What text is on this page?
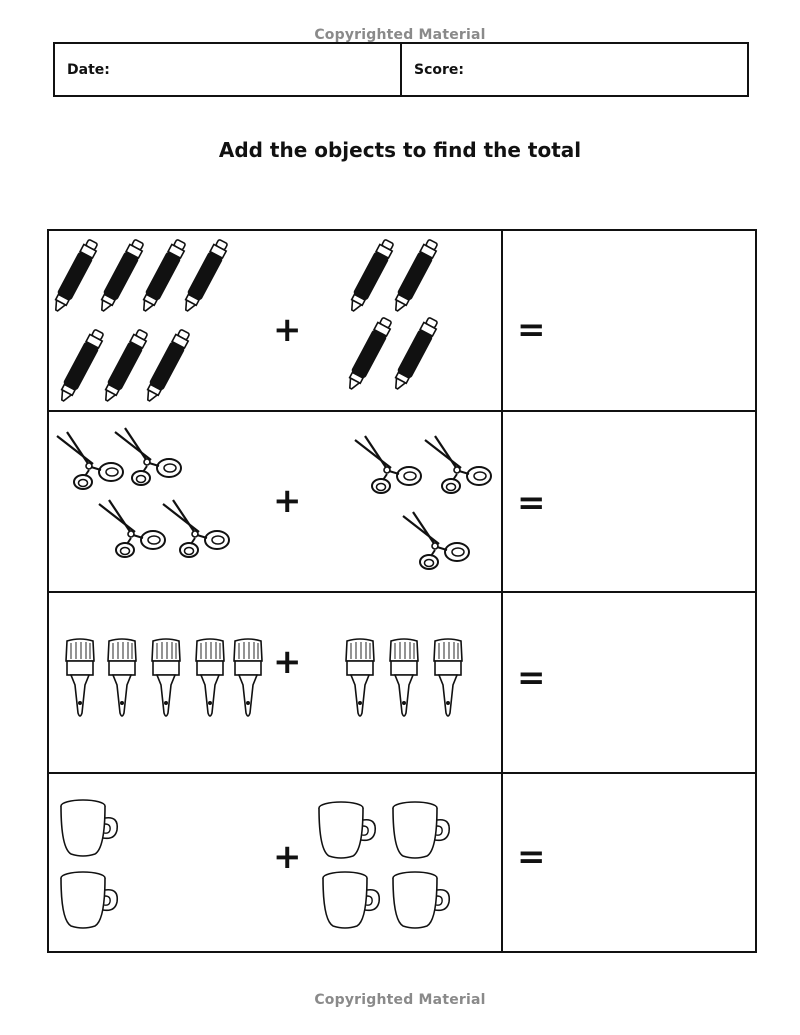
Copyrighted Material
Date:	Score:
Add the objects to find the total
+	=
+	=
+	=
+	=
Copyrighted Material
